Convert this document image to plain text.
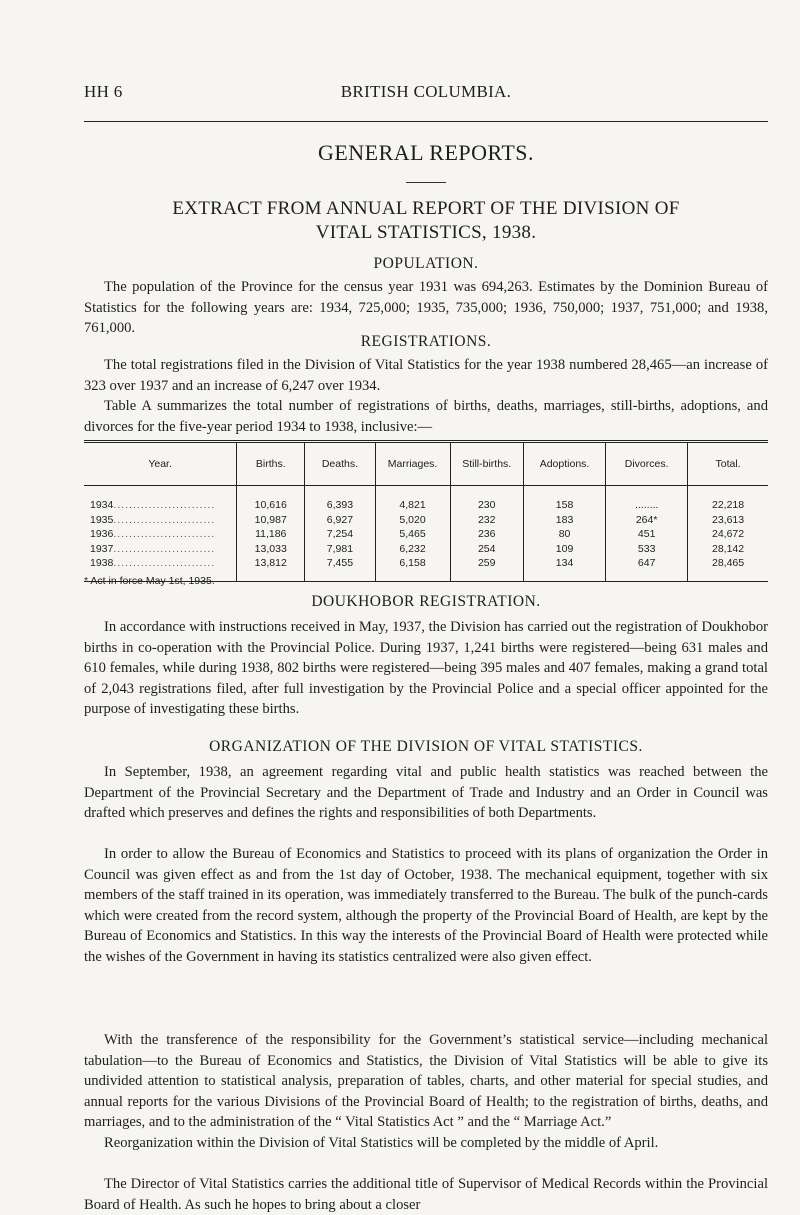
HH 6	BRITISH COLUMBIA.
GENERAL REPORTS.
EXTRACT FROM ANNUAL REPORT OF THE DIVISION OF
VITAL STATISTICS, 1938.
POPULATION.

The population of the Province for the census year 1931 was 694,263. Estimates by the Dominion Bureau of Statistics for the following years are: 1934, 725,000; 1935, 735,000; 1936, 750,000; 1937, 751,000; and 1938, 761,000.

REGISTRATIONS.

The total registrations filed in the Division of Vital Statistics for the year 1938 numbered 28,465—an increase of 323 over 1937 and an increase of 6,247 over 1934.

Year.	Births.	Deaths.	Marriages.	Still-births.	Adoptions.	Divorces.	Total.
1934..........................	10,616	6,393	4,821	230	158	........	22,218
1935..........................	10,987	6,927	5,020	232	183	264*	23,613
1936..........................	11,186	7,254	5,465	236	80	451	24,672
1937..........................	13,033	7,981	6,232	254	109	533	28,142
1938..........................	13,812	7,455	6,158	259	134	647	28,465

Table A summarizes the total number of registrations of births, deaths, marriages, still-births, adoptions, and divorces for the five-year period 1934 to 1938, inclusive:—

* Act in force May 1st, 1935.
DOUKHOBOR REGISTRATION.

In accordance with instructions received in May, 1937, the Division has carried out the registration of Doukhobor births in co-operation with the Provincial Police. During 1937, 1,241 births were registered—being 631 males and 610 females, while during 1938, 802 births were registered—being 395 males and 407 females, making a grand total of 2,043 registrations filed, after full investigation by the Provincial Police and a special officer appointed for the purpose of investigating these births.

ORGANIZATION OF THE DIVISION OF VITAL STATISTICS.

In September, 1938, an agreement regarding vital and public health statistics was reached between the Department of the Provincial Secretary and the Department of Trade and Industry and an Order in Council was drafted which preserves and defines the rights and responsibilities of both Departments.

In order to allow the Bureau of Economics and Statistics to proceed with its plans of organization the Order in Council was given effect as and from the 1st day of October, 1938. The mechanical equipment, together with six members of the staff trained in its operation, was immediately transferred to the Bureau. The bulk of the punch-cards which were created from the record system, although the property of the Provincial Board of Health, are kept by the Bureau of Economics and Statistics. In this way the interests of the Provincial Board of Health were protected while the wishes of the Government in having its statistics centralized were also given effect.

With the transference of the responsibility for the Government’s statistical service—including mechanical tabulation—to the Bureau of Economics and Statistics, the Division of Vital Statistics will be able to give its undivided attention to statistical analysis, preparation of tables, charts, and other material for special studies, and annual reports for the various Divisions of the Provincial Board of Health; to the registration of births, deaths, and marriages, and to the administration of the “ Vital Statistics Act ” and the “ Marriage Act.”

Reorganization within the Division of Vital Statistics will be completed by the middle of April.

The Director of Vital Statistics carries the additional title of Supervisor of Medical Records within the Provincial Board of Health. As such he hopes to bring about a closer
